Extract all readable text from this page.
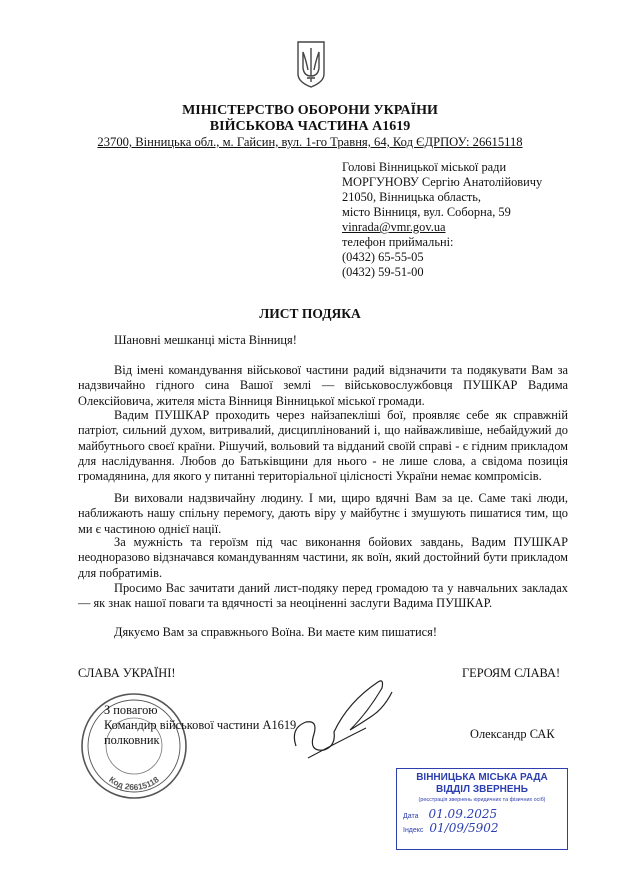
МІНІСТЕРСТВО ОБОРОНИ УКРАЇНИ
ВІЙСЬКОВА ЧАСТИНА А1619
23700, Вінницька обл., м. Гайсин, вул. 1-го Травня, 64, Код ЄДРПОУ: 26615118
Голові Вінницької міської ради
МОРГУНОВУ Сергію Анатолійовичу
21050, Вінницька область,
місто Вінниця, вул. Соборна, 59
vinrada@vmr.gov.ua
телефон приймальні:
(0432) 65-55-05
(0432) 59-51-00
ЛИСТ ПОДЯКА
Шановні мешканці міста Вінниця!

Від імені командування військової частини радий відзначити та подякувати Вам за надзвичайно гідного сина Вашої землі — військовослужбовця ПУШКАР Вадима Олексійовича, жителя міста Вінниця Вінницької міської громади.

Вадим ПУШКАР проходить через найзапекліші бої, проявляє себе як справжній патріот, сильний духом, витривалий, дисциплінований і, що найважливіше, небайдужий до майбутнього своєї країни. Рішучий, вольовий та відданий своїй справі - є гідним прикладом для наслідування. Любов до Батьківщини для нього - не лише слова, а свідома позиція громадянина, для якого у питанні територіальної цілісності України немає компромісів.

Ви виховали надзвичайну людину. І ми, щиро вдячні Вам за це. Саме такі люди, наближають нашу спільну перемогу, дають віру у майбутнє і змушують пишатися тим, що ми є частиною однієї нації.

За мужність та героїзм під час виконання бойових завдань, Вадим ПУШКАР неодноразово відзначався командуванням частини, як воїн, який достойний бути прикладом для побратимів.

Просимо Вас зачитати даний лист-подяку перед громадою та у навчальних закладах — як знак нашої поваги та вдячності за неоціненні заслуги Вадима ПУШКАР.

Дякуємо Вам за справжнього Воїна. Ви маєте ким пишатися!
СЛАВА УКРАЇНІ!	ГЕРОЯМ СЛАВА!
Код 26615118
З повагою
Командир військової частини А1619
полковник	Олександр САК
ВІННИЦЬКА МІСЬКА РАДА
ВІДДІЛ ЗВЕРНЕНЬ
(реєстрація звернень юридичних та фізичних осіб)
Дата 01.09.2025
Індекс 01/09/5902
